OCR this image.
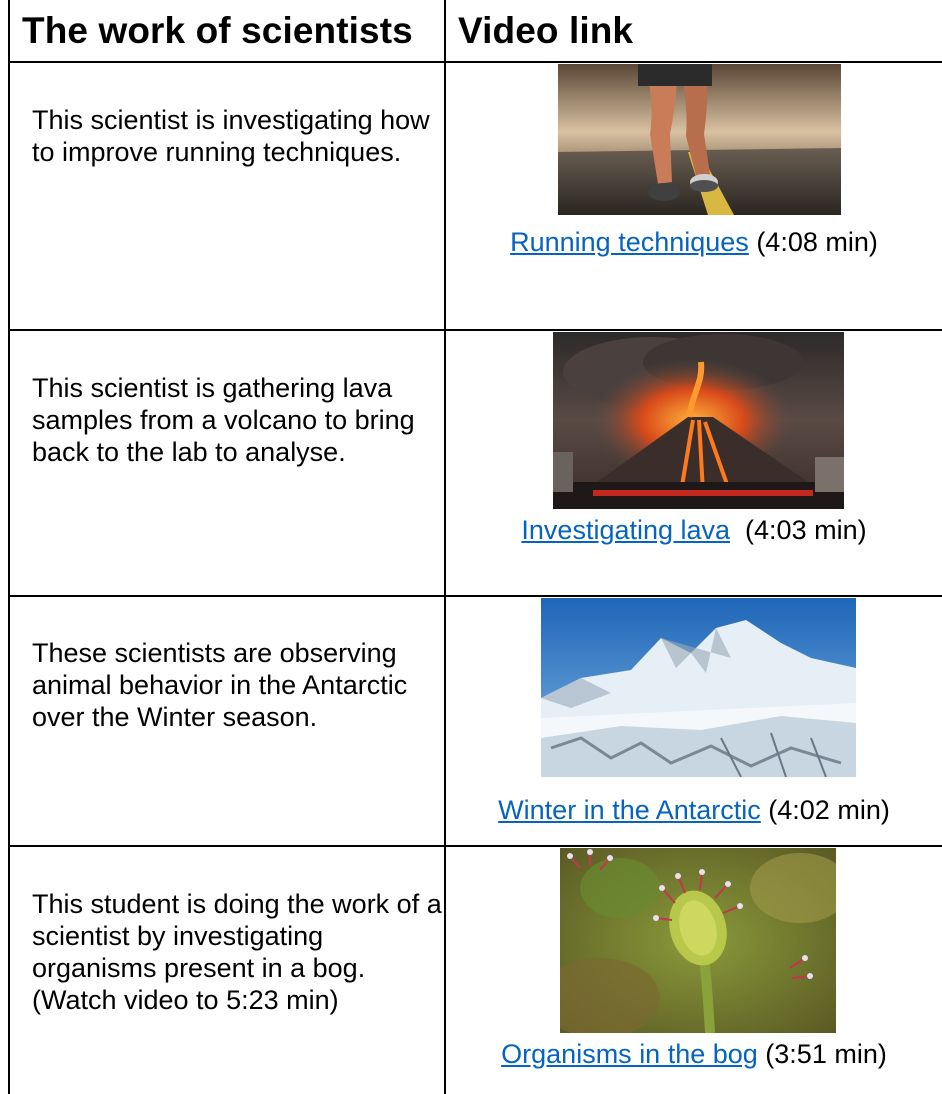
The work of scientists	Video link
This scientist is investigating how to improve running techniques.
Running techniques (4:08 min)
This scientist is gathering lava samples from a volcano to bring back to the lab to analyse.
Investigating lava  (4:03 min)
These scientists are observing animal behavior in the Antarctic over the Winter season.
Winter in the Antarctic (4:02 min)
This student is doing the work of a scientist by investigating organisms present in a bog. (Watch video to 5:23 min)
Organisms in the bog (3:51 min)
